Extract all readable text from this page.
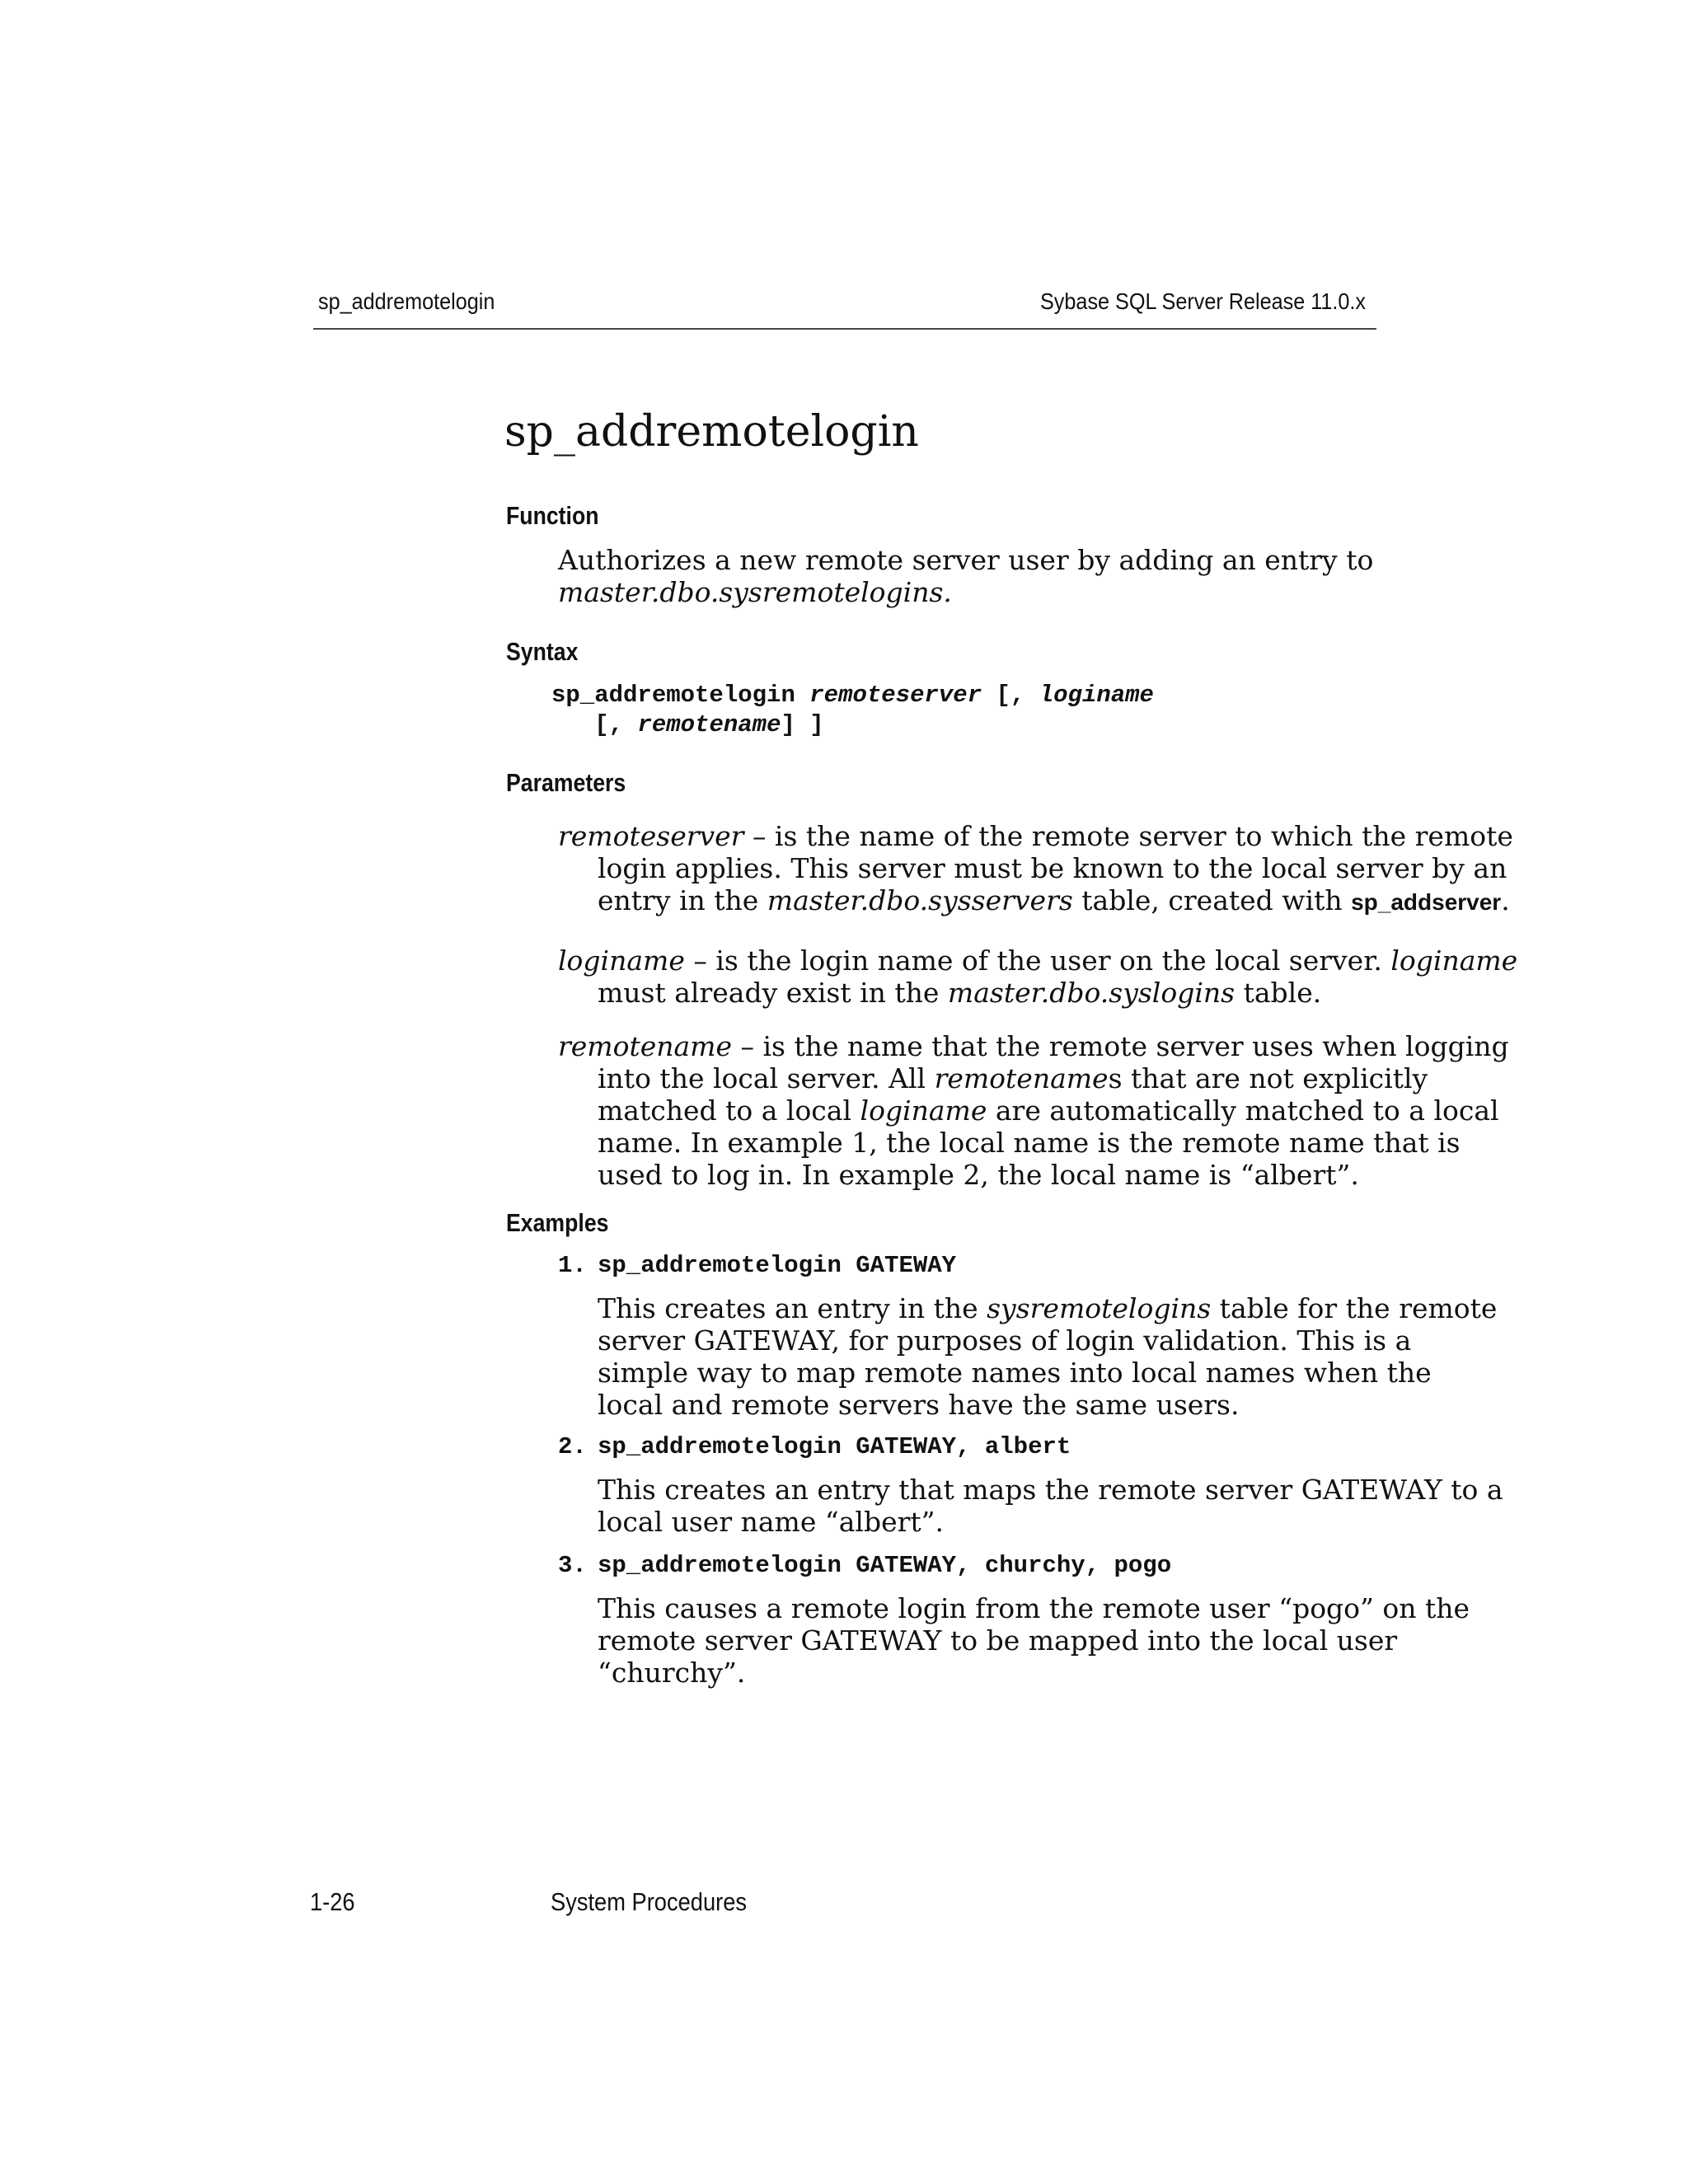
sp_addremotelogin	Sybase SQL Server Release 11.0.x
sp_addremotelogin
Function
Authorizes a new remote server user by adding an entry to
master.dbo.sysremotelogins.
Syntax
sp_addremotelogin remoteserver [, loginame
[, remotename] ]
Parameters
remoteserver – is the name of the remote server to which the remote
login applies. This server must be known to the local server by an
entry in the master.dbo.sysservers table, created with sp_addserver.
loginame – is the login name of the user on the local server. loginame
must already exist in the master.dbo.syslogins table.
remotename – is the name that the remote server uses when logging
into the local server. All remotenames that are not explicitly
matched to a local loginame are automatically matched to a local
name. In example 1, the local name is the remote name that is
used to log in. In example 2, the local name is “albert”.
Examples
1. sp_addremotelogin GATEWAY
This creates an entry in the sysremotelogins table for the remote
server GATEWAY, for purposes of login validation. This is a
simple way to map remote names into local names when the
local and remote servers have the same users.
2. sp_addremotelogin GATEWAY, albert
This creates an entry that maps the remote server GATEWAY to a
local user name “albert”.
3. sp_addremotelogin GATEWAY, churchy, pogo
This causes a remote login from the remote user “pogo” on the
remote server GATEWAY to be mapped into the local user
“churchy”.
1-26	System Procedures
